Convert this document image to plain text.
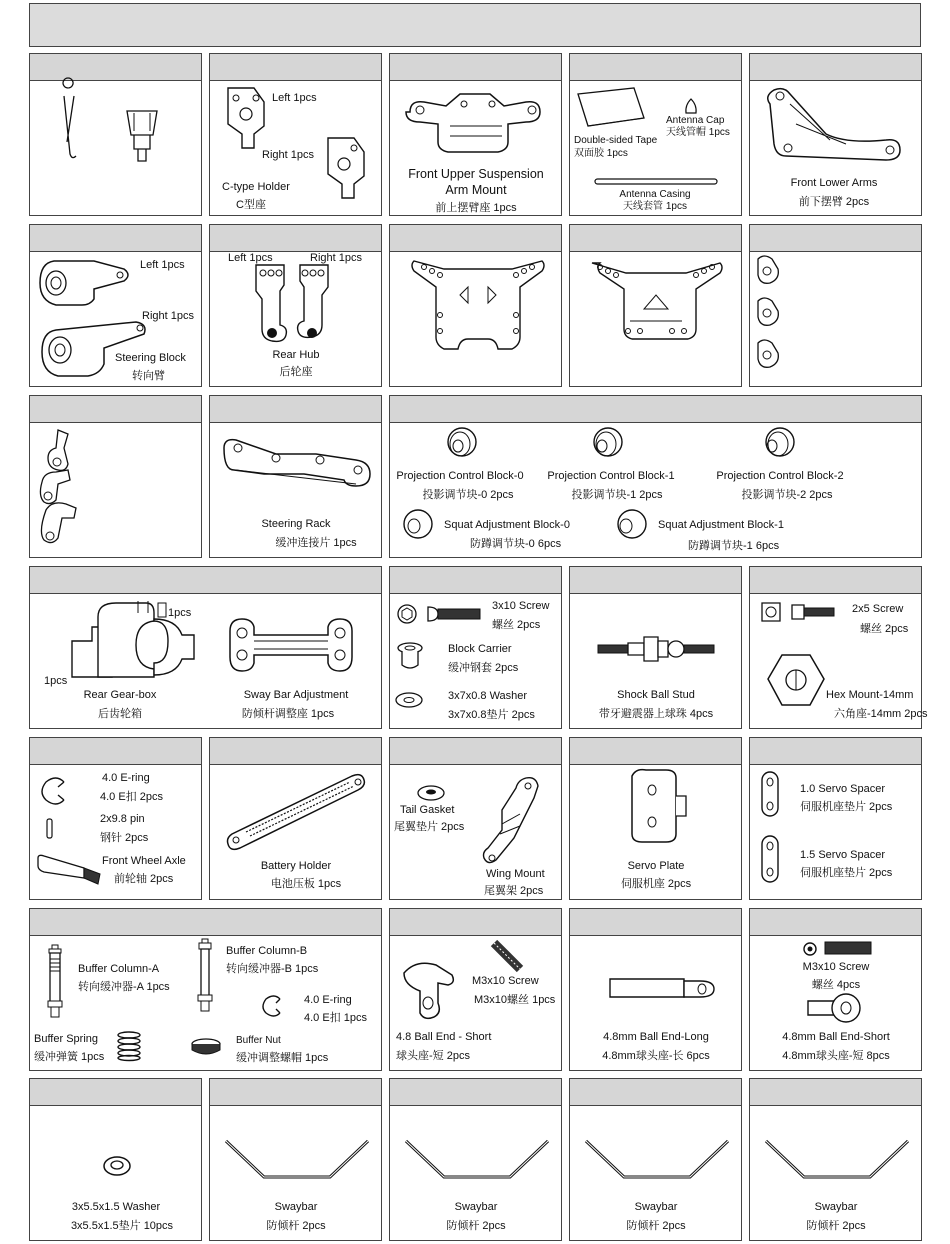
Left 1pcs
Right 1pcs
C-type Holder
C型座
Front Upper Suspension
Arm Mount
前上摆臂座 1pcs
Double-sided Tape
双面胶 1pcs
Antenna Cap
天线管帽 1pcs
Antenna Casing
天线套管 1pcs
Front Lower Arms
前下摆臂 2pcs
Left 1pcs
Right 1pcs
Steering Block
转向臂
Left 1pcs	Right 1pcs
Rear Hub
后轮座
Steering Rack
缓冲连接片 1pcs
Projection Control Block-0
投影调节块-0 2pcs
Projection Control Block-1
投影调节块-1 2pcs
Projection Control Block-2
投影调节块-2 2pcs
Squat Adjustment Block-0
防蹲调节块-0 6pcs
Squat Adjustment Block-1
防蹲调节块-1 6pcs
1pcs
1pcs
Rear Gear-box
后齿轮箱
Sway Bar Adjustment
防倾杆调整座 1pcs
3x10 Screw
螺丝 2pcs
Block Carrier
缓冲钢套 2pcs
3x7x0.8 Washer
3x7x0.8垫片 2pcs
Shock Ball Stud
带牙避震器上球珠 4pcs
2x5 Screw
螺丝 2pcs
Hex Mount-14mm
六角座-14mm 2pcs
4.0 E-ring
4.0 E扣 2pcs
2x9.8 pin
钢针 2pcs
Front Wheel Axle
前轮轴 2pcs
Battery Holder
电池压板 1pcs
Tail Gasket
尾翼垫片 2pcs
Wing Mount
尾翼架 2pcs
Servo Plate
伺服机座 2pcs
1.0 Servo Spacer
伺服机座垫片 2pcs
1.5 Servo Spacer
伺服机座垫片 2pcs
Buffer Column-A
转向缓冲器-A 1pcs
Buffer Column-B
转向缓冲器-B 1pcs
4.0 E-ring
4.0 E扣 1pcs
Buffer Spring
缓冲弹簧 1pcs
Buffer Nut
缓冲调整螺帽 1pcs
M3x10 Screw
M3x10螺丝 1pcs
4.8 Ball End - Short
球头座-短 2pcs
4.8mm Ball End-Long
4.8mm球头座-长 6pcs
M3x10 Screw
螺丝 4pcs
4.8mm Ball End-Short
4.8mm球头座-短 8pcs
3x5.5x1.5 Washer
3x5.5x1.5垫片 10pcs
Swaybar
防倾杆 2pcs
Swaybar
防倾杆 2pcs
Swaybar
防倾杆 2pcs
Swaybar
防倾杆 2pcs
